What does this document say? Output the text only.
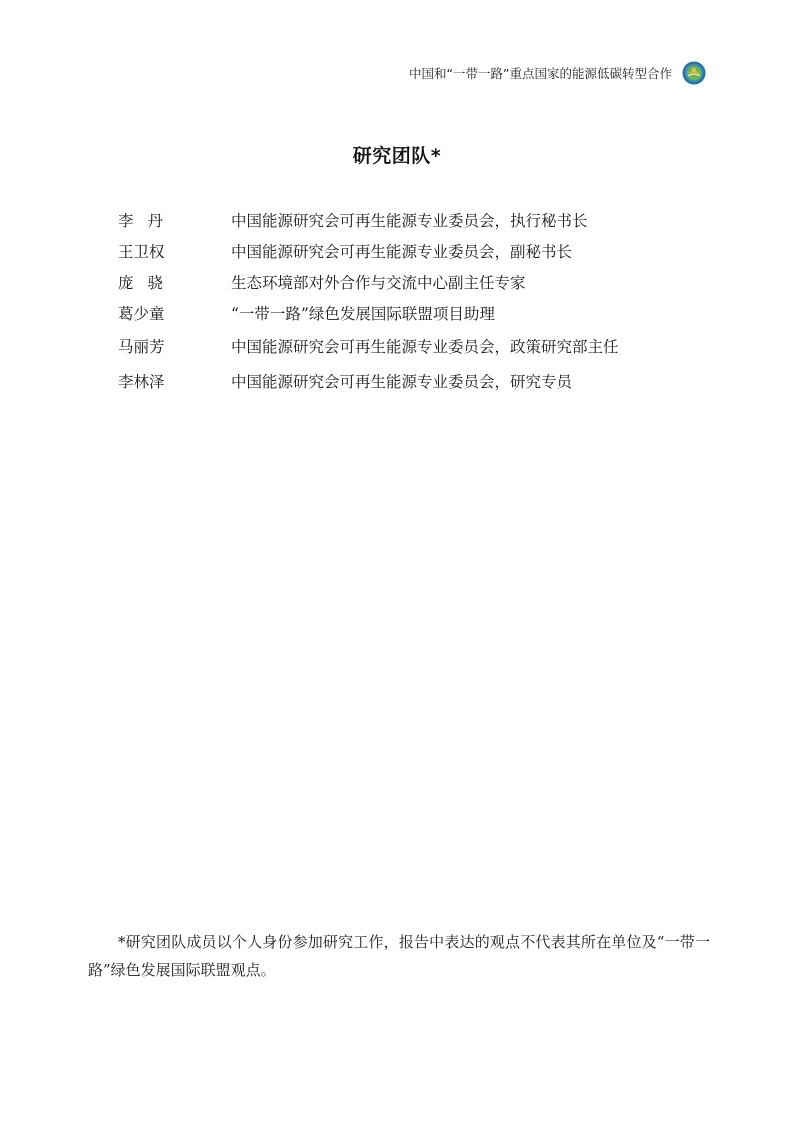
中国和“一带一路”重点国家的能源低碳转型合作
研究团队*
李丹	中国能源研究会可再生能源专业委员会，执行秘书长
王卫权	中国能源研究会可再生能源专业委员会，副秘书长
庞骁	生态环境部对外合作与交流中心副主任专家
葛少童	“一带一路”绿色发展国际联盟项目助理
马丽芳	中国能源研究会可再生能源专业委员会，政策研究部主任
李林泽	中国能源研究会可再生能源专业委员会，研究专员
*研究团队成员以个人身份参加研究工作，报告中表达的观点不代表其所在单位及“一带一路”绿色发展国际联盟观点。
